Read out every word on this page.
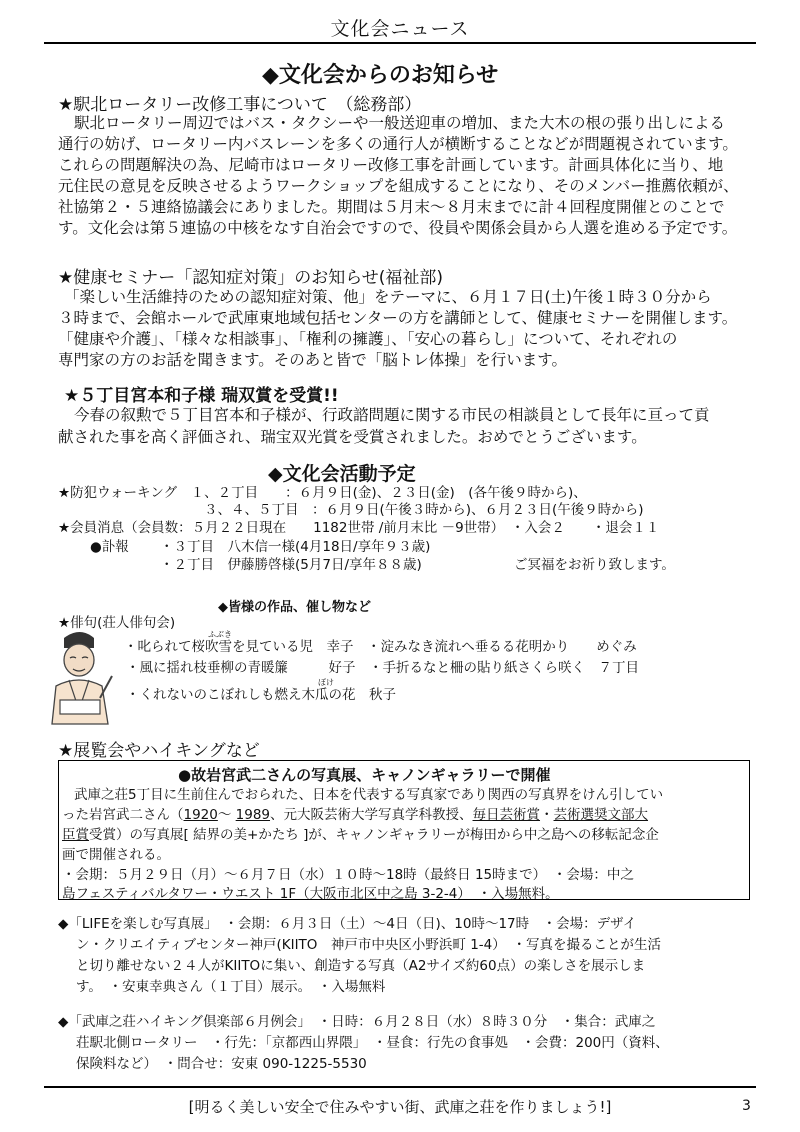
文化会ニュース
◆文化会からのお知らせ
★駅北ロータリー改修工事について　（総務部）
駅北ロータリー周辺ではバス・タクシーや一般送迎車の増加、また大木の根の張り出しによる
通行の妨げ、ロータリー内バスレーンを多くの通行人が横断することなどが問題視されています。
これらの問題解決の為、尼崎市はロータリー改修工事を計画しています。計画具体化に当り、地
元住民の意見を反映させるようワークショップを組成することになり、そのメンバー推薦依頼が、
社協第２・５連絡協議会にありました。期間は５月末～８月末までに計４回程度開催とのことで
す。文化会は第５連協の中核をなす自治会ですので、役員や関係会員から人選を進める予定です。
★健康セミナー「認知症対策」のお知らせ(福祉部)
「楽しい生活維持のための認知症対策、他」をテーマに、６月１７日(土)午後１時３０分から
３時まで、会館ホールで武庫東地域包括センターの方を講師として、健康セミナーを開催します。
「健康や介護」、「様々な相談事」、「権利の擁護」、「安心の暮らし」について、それぞれの
専門家の方のお話を聞きます。そのあと皆で「脳トレ体操」を行います。
★５丁目宮本和子様 瑞双賞を受賞!!
今春の叙勲で５丁目宮本和子様が、行政諮問題に関する市民の相談員として長年に亘って貢
献された事を高く評価され、瑞宝双光賞を受賞されました。おめでとうございます。
◆文化会活動予定
★防犯ウォーキング　１、２丁目　　：６月９日(金)、２３日(金)　(各午後９時から)、
３、４、５丁目　：６月９日(午後３時から)、６月２３日(午後９時から)
★会員消息（会員数：５月２２日現在　　1182世帯 /前月末比 －9世帯）　・入会２　　・退会１１
●訃報 ・３丁目　八木信一様(4月18日/享年９３歳)
・２丁目　伊藤勝啓様(5月7日/享年８８歳)	ご冥福をお祈り致します。
◆皆様の作品、催し物など
★俳句(荘人俳句会)
ふぶき
・叱られて桜吹雪を見ている児　幸子　・淀みなき流れへ垂るる花明かり　　めぐみ
・風に揺れ枝垂柳の青暖簾　　　好子　・手折るなと柵の貼り紙さくら咲く　７丁目
ぼけ
・くれないのこぼれしも燃え木瓜の花　秋子
★展覧会やハイキングなど
●故岩宮武二さんの写真展、キャノンギャラリーで開催
武庫之荘5丁目に生前住んでおられた、日本を代表する写真家であり関西の写真界をけん引してい
った岩宮武二さん（1920～ 1989、元大阪芸術大学写真学科教授、毎日芸術賞・芸術選奨文部大
臣賞受賞）の写真展[ 結界の美+かたち ]が、キャノンギャラリーが梅田から中之島への移転記念企
画で開催される。
・会期：５月２９日（月）～６月７日（水）１０時～18時（最終日 15時まで）　・会場：中之
島フェスティバルタワー・ウエスト 1F（大阪市北区中之島 3-2-4）　・入場無料。
◆「LIFEを楽しむ写真展」　・会期：６月３日（土）～4日（日)、10時～17時　・会場：デザイ
ン・クリエイティブセンター神戸(KIITO　神戸市中央区小野浜町 1-4）　・写真を撮ることが生活
と切り離せない２４人がKIITOに集い、創造する写真（A2サイズ約60点）の楽しさを展示しま
す。　・安東幸典さん（１丁目）展示。　・入場無料
◆「武庫之荘ハイキング倶楽部６月例会」　・日時：６月２８日（水）８時３０分　・集合：武庫之
荘駅北側ロータリー　・行先：「京都西山界隈」　・昼食：行先の食事処　・会費：200円（資料、
保険料など）　・問合せ：安東 090-1225-5530
[明るく美しい安全で住みやすい街、武庫之荘を作りましょう!]	3
